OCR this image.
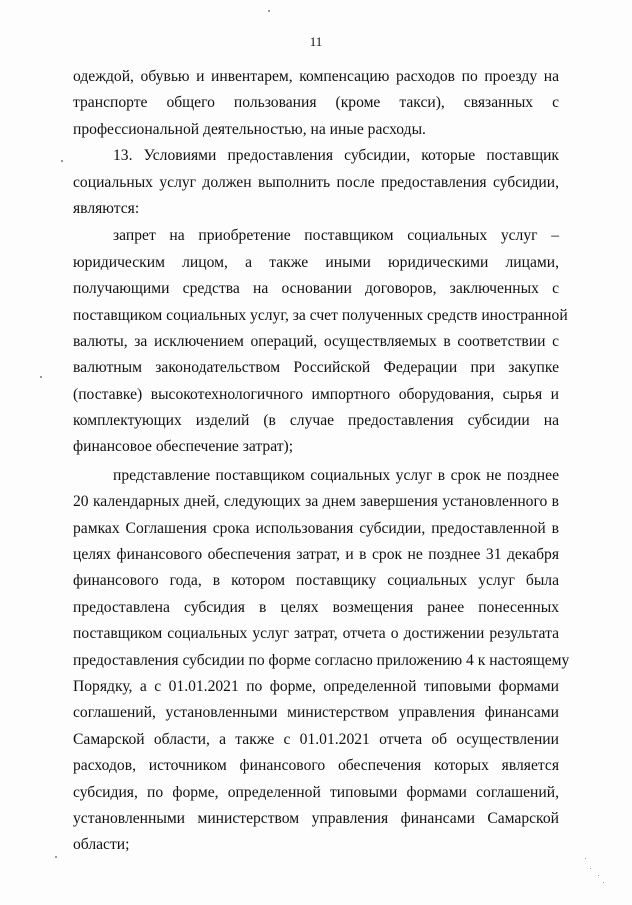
11
одеждой, обувью и инвентарем, компенсацию расходов по проезду на
транспорте общего пользования (кроме такси), связанных с
профессиональной деятельностью, на иные расходы.
13. Условиями предоставления субсидии, которые поставщик
социальных услуг должен выполнить после предоставления субсидии,
являются:
запрет на приобретение поставщиком социальных услуг –
юридическим лицом, а также иными юридическими лицами,
получающими средства на основании договоров, заключенных с
поставщиком социальных услуг, за счет полученных средств иностранной
валюты, за исключением операций, осуществляемых в соответствии с
валютным законодательством Российской Федерации при закупке
(поставке) высокотехнологичного импортного оборудования, сырья и
комплектующих изделий (в случае предоставления субсидии на
финансовое обеспечение затрат);
представление поставщиком социальных услуг в срок не позднее
20 календарных дней, следующих за днем завершения установленного в
рамках Соглашения срока использования субсидии, предоставленной в
целях финансового обеспечения затрат, и в срок не позднее 31 декабря
финансового года, в котором поставщику социальных услуг была
предоставлена субсидия в целях возмещения ранее понесенных
поставщиком социальных услуг затрат, отчета о достижении результата
предоставления субсидии по форме согласно приложению 4 к настоящему
Порядку, а с 01.01.2021 по форме, определенной типовыми формами
соглашений, установленными министерством управления финансами
Самарской области, а также с 01.01.2021 отчета об осуществлении
расходов, источником финансового обеспечения которых является
субсидия, по форме, определенной типовыми формами соглашений,
установленными министерством управления финансами Самарской
области;
